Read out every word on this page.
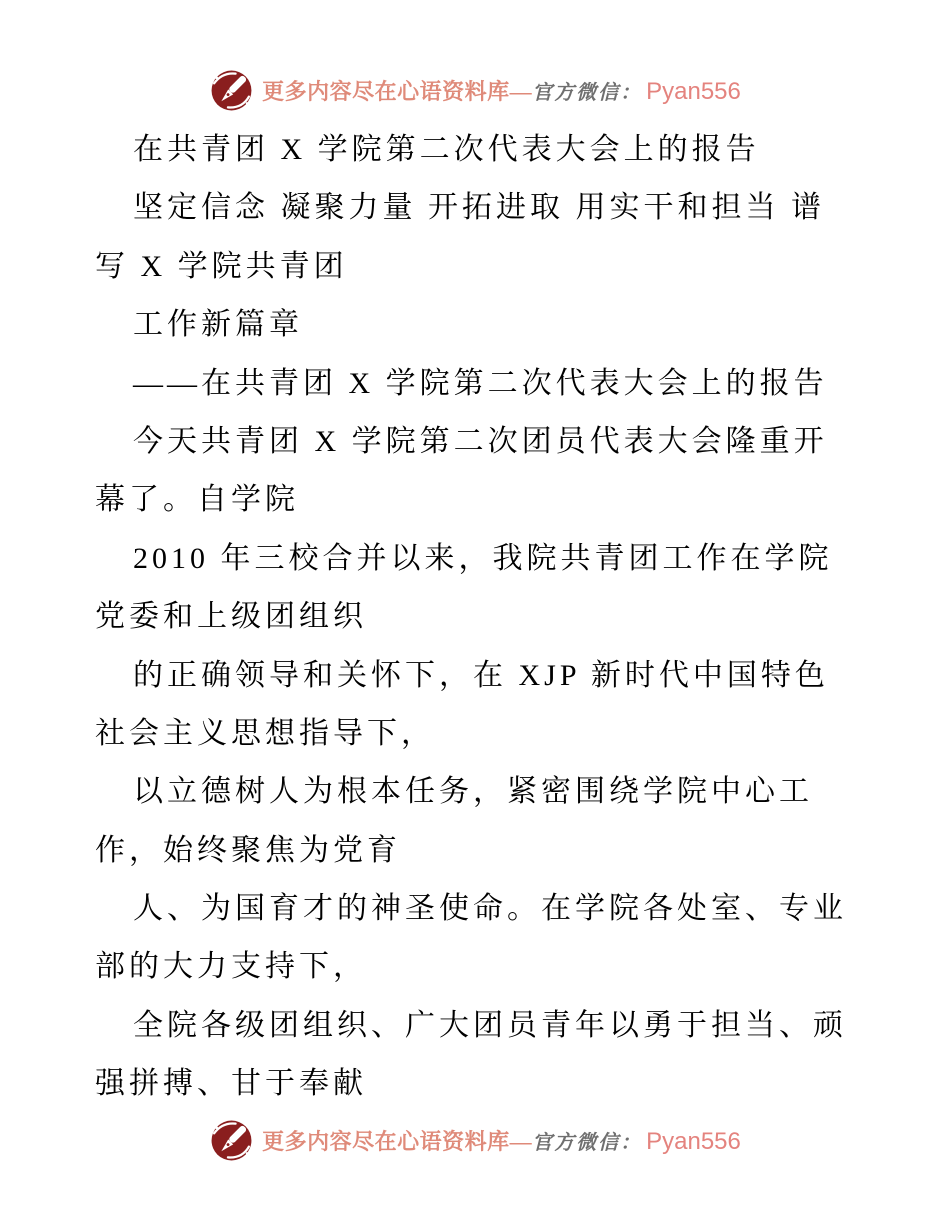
更多内容尽在心语资料库— 官方微信： Pyan556
在共青团 X 学院第二次代表大会上的报告
坚定信念 凝聚力量 开拓进取 用实干和担当 谱
写 X 学院共青团
工作新篇章
——在共青团 X 学院第二次代表大会上的报告
今天共青团 X 学院第二次团员代表大会隆重开
幕了。自学院
2010 年三校合并以来，我院共青团工作在学院
党委和上级团组织
的正确领导和关怀下，在 XJP 新时代中国特色
社会主义思想指导下，
以立德树人为根本任务，紧密围绕学院中心工
作，始终聚焦为党育
人、为国育才的神圣使命。在学院各处室、专业
部的大力支持下，
全院各级团组织、广大团员青年以勇于担当、顽
强拼搏、甘于奉献
更多内容尽在心语资料库— 官方微信： Pyan556
